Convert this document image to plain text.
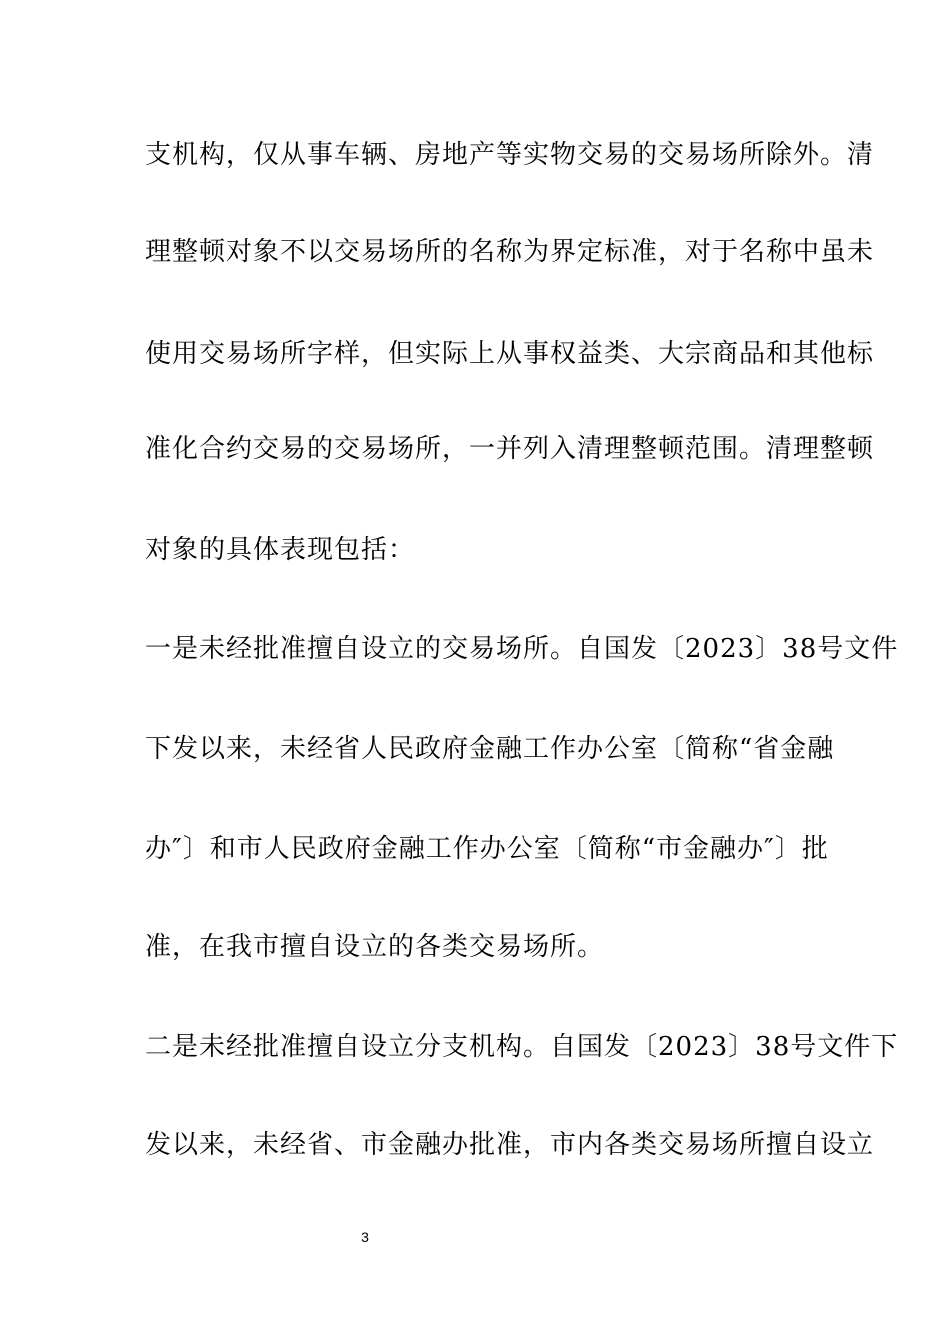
支机构，仅从事车辆、房地产等实物交易的交易场所除外。清
理整顿对象不以交易场所的名称为界定标准，对于名称中虽未
使用交易场所字样，但实际上从事权益类、大宗商品和其他标
准化合约交易的交易场所，一并列入清理整顿范围。清理整顿
对象的具体表现包括：
一是未经批准擅自设立的交易场所。自国发〔2023〕38号文件
下发以来，未经省人民政府金融工作办公室〔简称“省金融
办″〕和市人民政府金融工作办公室〔简称“市金融办″〕批
准，在我市擅自设立的各类交易场所。
二是未经批准擅自设立分支机构。自国发〔2023〕38号文件下
发以来，未经省、市金融办批准，市内各类交易场所擅自设立
3
